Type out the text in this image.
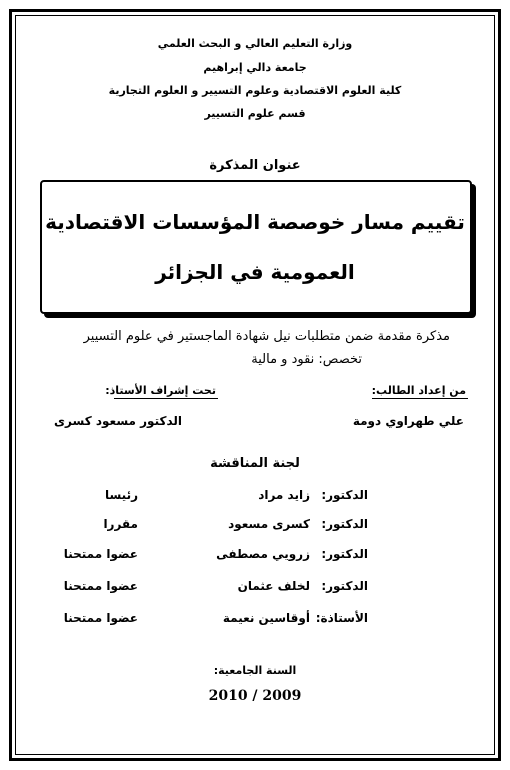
وزارة التعليم العالي و البحث العلمي
جامعة دالي إبراهيم
كلية العلوم الاقتصادية وعلوم التسيير و العلوم التجارية
قسم علوم التسيير
عنوان المذكرة
تقييم مسار خوصصة المؤسسات الاقتصادية
العمومية في الجزائر
مذكرة مقدمة ضمن متطلبات نيل شهادة الماجستير في علوم التسيير
تخصص: نقود و مالية
من إعداد الطالب:
تحت إشراف الأستاذ:
علي طهراوي دومة
الدكتور مسعود كسرى
لجنة المناقشة
الدكتور:
زايد مراد
رئيسا
الدكتور:
كسرى مسعود
مقررا
الدكتور:
زرويي مصطفى
عضوا ممتحنا
الدكتور:
لخلف عثمان
عضوا ممتحنا
الأستاذة:
أوقاسين نعيمة
عضوا ممتحنا
السنة الجامعية:
2010 / 2009
